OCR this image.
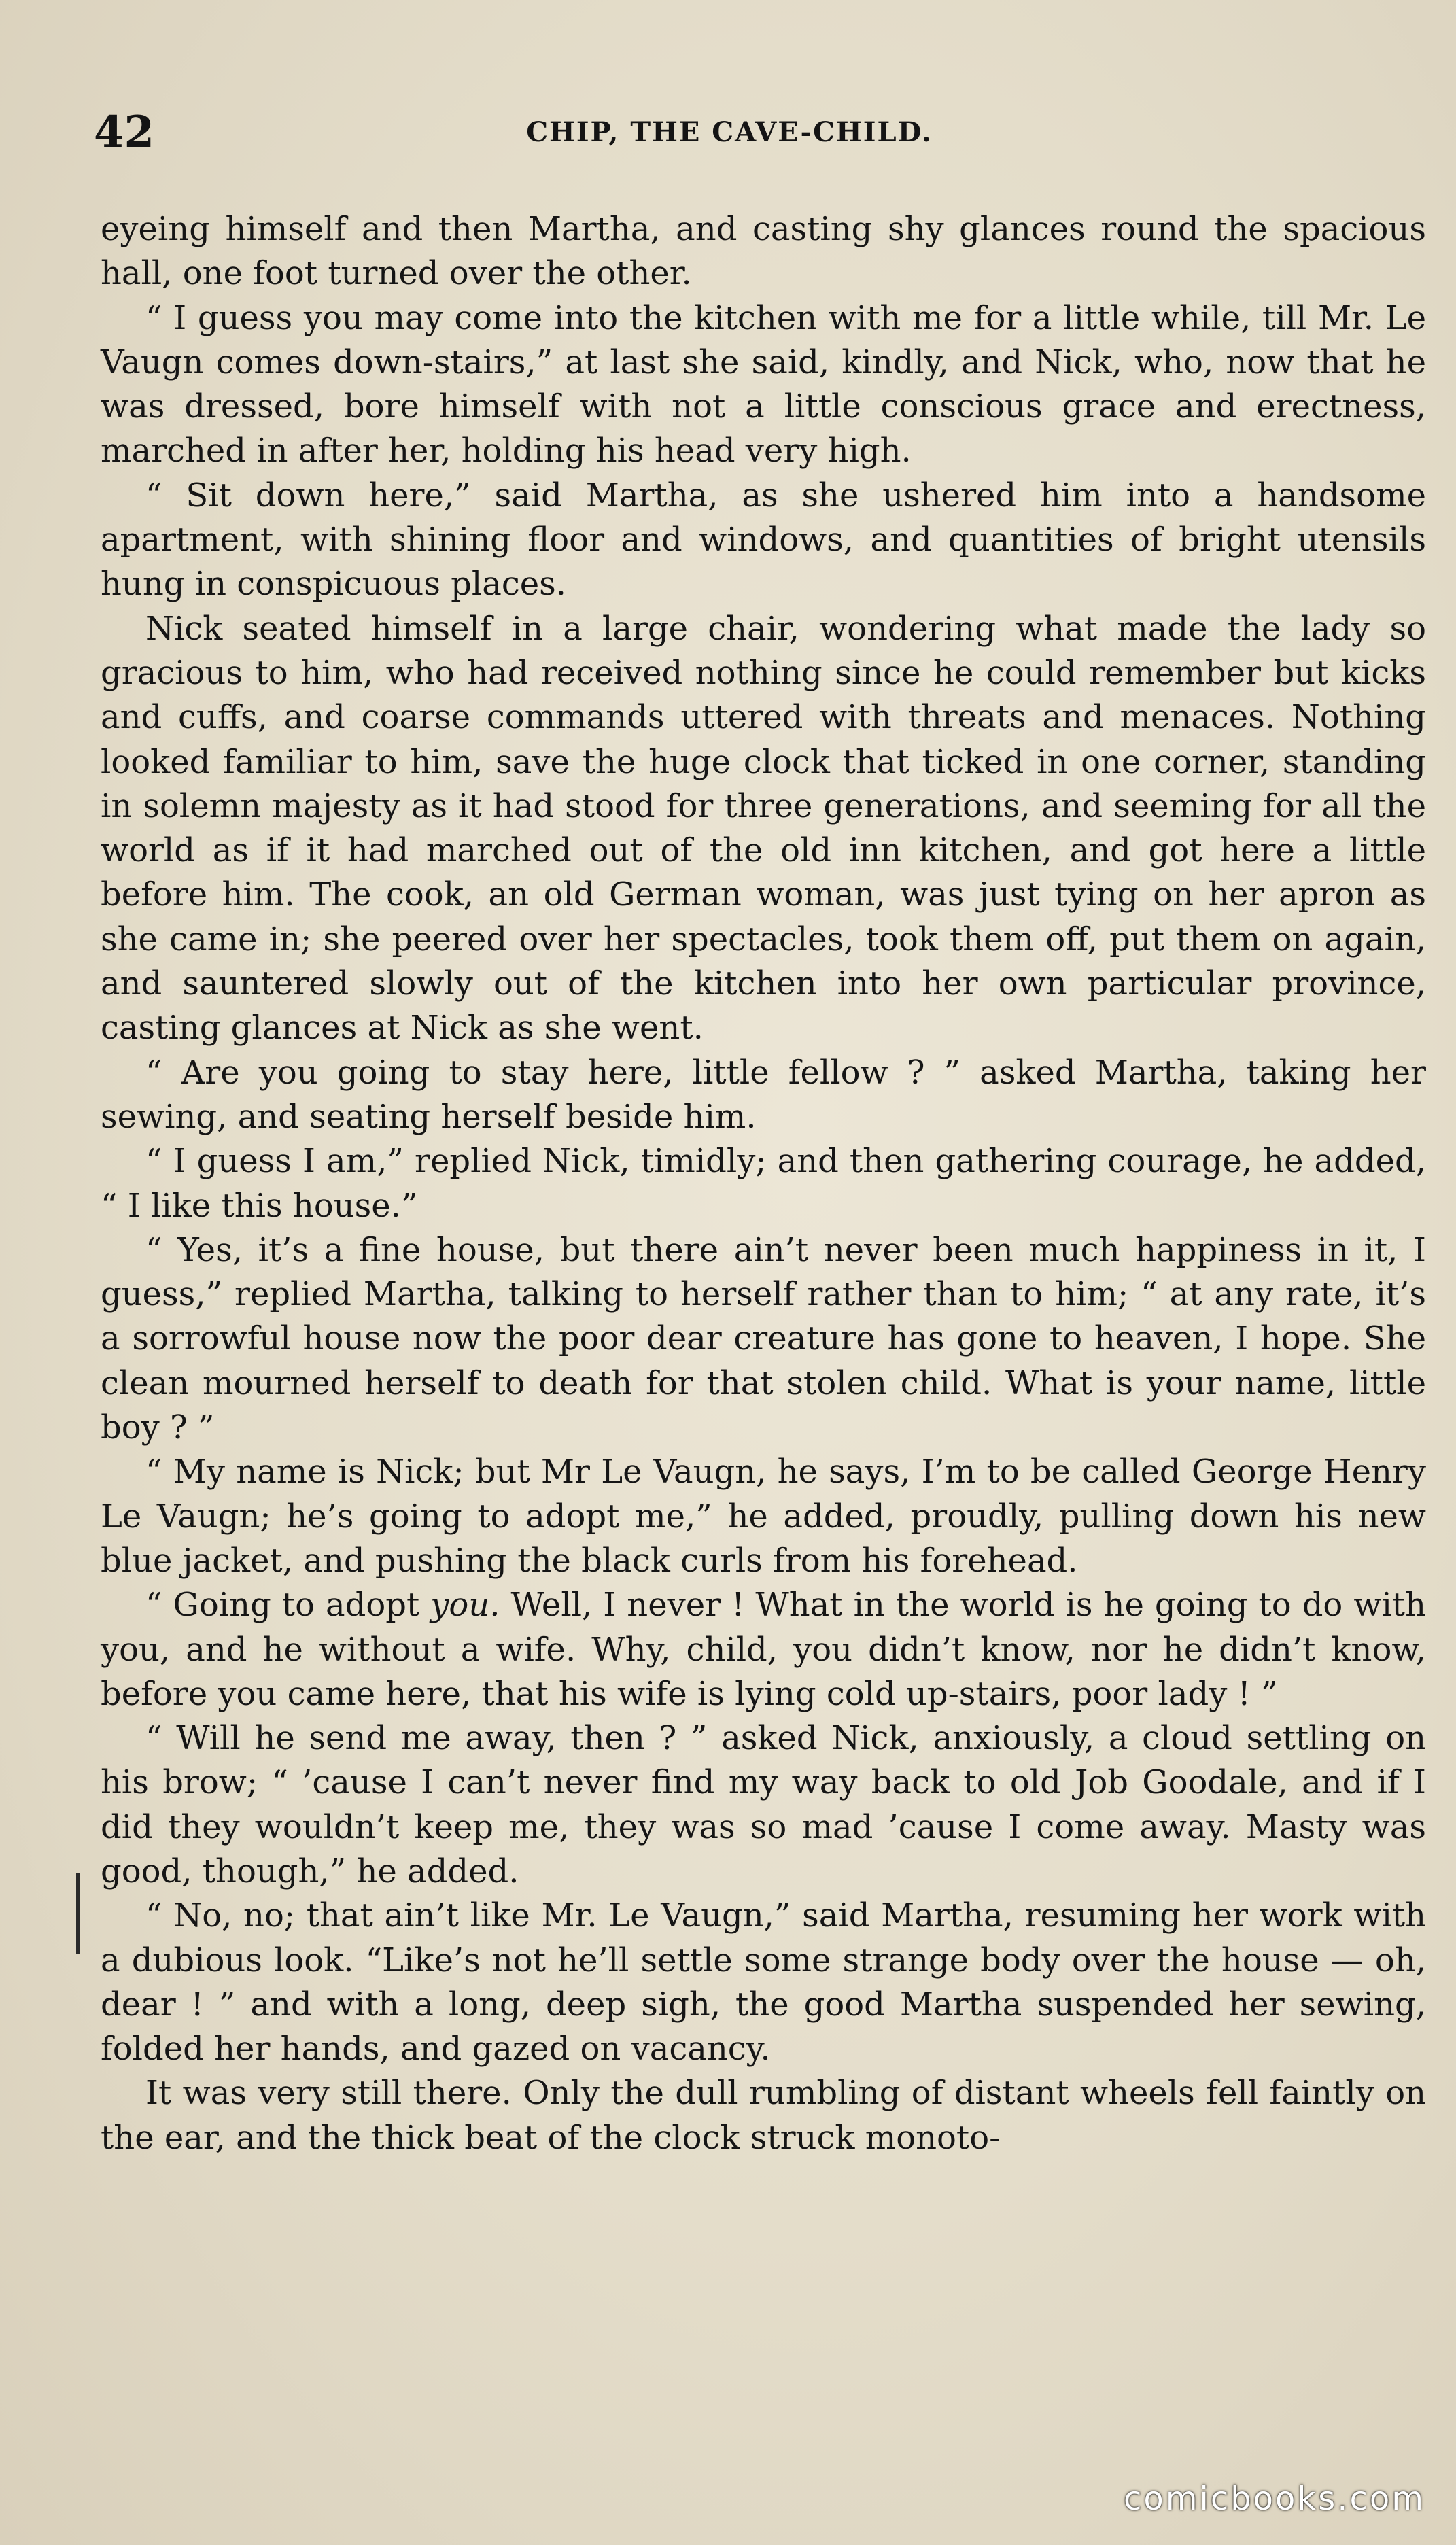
42	CHIP, THE CAVE-CHILD.

eyeing himself and then Martha, and casting shy glances round the spacious hall, one foot turned over the other.

“ I guess you may come into the kitchen with me for a little while, till Mr. Le Vaugn comes down-stairs,” at last she said, kindly, and Nick, who, now that he was dressed, bore himself with not a little conscious grace and erectness, marched in after her, holding his head very high.

“ Sit down here,” said Martha, as she ushered him into a handsome apartment, with shining floor and windows, and quantities of bright utensils hung in conspicuous places.

Nick seated himself in a large chair, wondering what made the lady so gracious to him, who had received nothing since he could remember but kicks and cuffs, and coarse commands uttered with threats and menaces. Nothing looked familiar to him, save the huge clock that ticked in one corner, standing in solemn majesty as it had stood for three generations, and seeming for all the world as if it had marched out of the old inn kitchen, and got here a little before him. The cook, an old German woman, was just tying on her apron as she came in; she peered over her spectacles, took them off, put them on again, and sauntered slowly out of the kitchen into her own particular province, casting glances at Nick as she went.

“ Are you going to stay here, little fellow ? ” asked Martha, taking her sewing, and seating herself beside him.

“ I guess I am,” replied Nick, timidly; and then gathering courage, he added, “ I like this house.”

“ Yes, it’s a fine house, but there ain’t never been much happiness in it, I guess,” replied Martha, talking to herself rather than to him; “ at any rate, it’s a sorrowful house now the poor dear creature has gone to heaven, I hope. She clean mourned herself to death for that stolen child. What is your name, little boy ? ”

“ My name is Nick; but Mr Le Vaugn, he says, I’m to be called George Henry Le Vaugn; he’s going to adopt me,” he added, proudly, pulling down his new blue jacket, and pushing the black curls from his forehead.

“ Going to adopt you. Well, I never ! What in the world is he going to do with you, and he without a wife. Why, child, you didn’t know, nor he didn’t know, before you came here, that his wife is lying cold up-stairs, poor lady ! ”

“ Will he send me away, then ? ” asked Nick, anxiously, a cloud settling on his brow; “ ’cause I can’t never find my way back to old Job Goodale, and if I did they wouldn’t keep me, they was so mad ’cause I come away. Masty was good, though,” he added.

“ No, no; that ain’t like Mr. Le Vaugn,” said Martha, resuming her work with a dubious look. “Like’s not he’ll settle some strange body over the house — oh, dear ! ” and with a long, deep sigh, the good Martha suspended her sewing, folded her hands, and gazed on vacancy.

It was very still there. Only the dull rumbling of distant wheels fell faintly on the ear, and the thick beat of the clock struck monoto-

comicbooks.com
